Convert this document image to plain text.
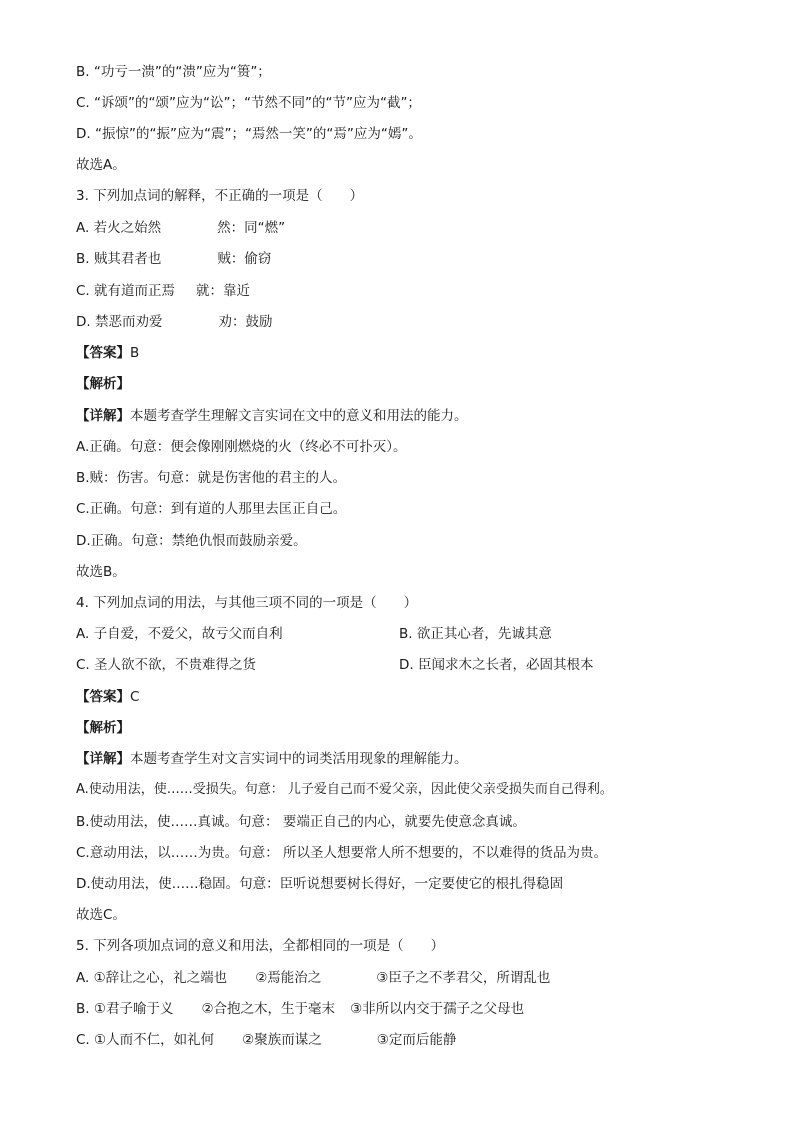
B. “功亏一溃”的“溃”应为“篑”；
C. “诉颂”的“颂”应为“讼”；“节然不同”的“节”应为“截”；
D. “振惊”的“振”应为“震”；“焉然一笑”的“焉”应为“嫣”。
故选A。
3. 下列加点词的解释，不正确的一项是（　　）
A. 若火之始然	然：同“燃”
B. 贼其君者也	贼：偷窃
C. 就有道而正焉 就：靠近
D. 禁恶而劝爱	劝：鼓励
【答案】B
【解析】
【详解】本题考查学生理解文言实词在文中的意义和用法的能力。
A.正确。句意：便会像刚刚燃烧的火（终必不可扑灭）。
B.贼：伤害。句意：就是伤害他的君主的人。
C.正确。句意：到有道的人那里去匡正自己。
D.正确。句意：禁绝仇恨而鼓励亲爱。
故选B。
4. 下列加点词的用法，与其他三项不同的一项是（　　）
A. 子自爱，不爱父，故亏父而自利	B. 欲正其心者，先诚其意
C. 圣人欲不欲，不贵难得之货	D. 臣闻求木之长者，必固其根本
【答案】C
【解析】
【详解】本题考查学生对文言实词中的词类活用现象的理解能力。
A.使动用法，使……受损失。句意： 儿子爱自己而不爱父亲，因此使父亲受损失而自己得利。
B.使动用法，使……真诚。句意： 要端正自己的内心，就要先使意念真诚。
C.意动用法，以……为贵。句意： 所以圣人想要常人所不想要的，不以难得的货品为贵。
D.使动用法，使……稳固。句意：臣听说想要树长得好，一定要使它的根扎得稳固
故选C。
5. 下列各项加点词的意义和用法，全都相同的一项是（　　）
A. ①辞让之心，礼之端也 ②焉能治之	③臣子之不孝君父，所谓乱也
B. ①君子喻于义 ②合抱之木，生于毫末 ③非所以内交于孺子之父母也
C. ①人而不仁，如礼何 ②聚族而谋之	③定而后能静
